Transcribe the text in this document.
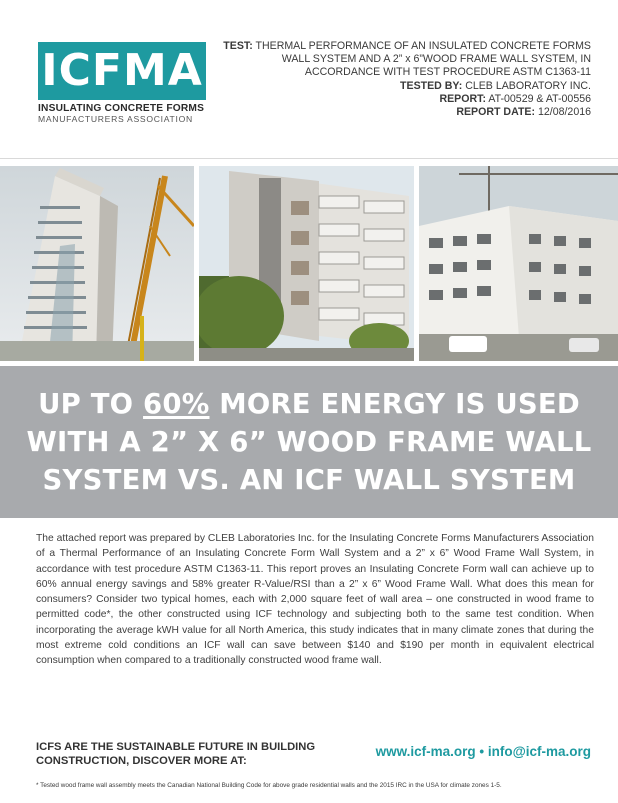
ICFMA
INSULATING CONCRETE FORMS
MANUFACTURERS ASSOCIATION
TEST: THERMAL PERFORMANCE OF AN INSULATED CONCRETE FORMS WALL SYSTEM AND A 2” x 6”WOOD FRAME WALL SYSTEM, IN ACCORDANCE WITH TEST PROCEDURE ASTM C1363-11
TESTED BY: CLEB LABORATORY INC.
REPORT: AT-00529 & AT-00556
REPORT DATE: 12/08/2016
UP TO 60% MORE ENERGY IS USED
WITH A 2” X 6” WOOD FRAME WALL
SYSTEM VS. AN ICF WALL SYSTEM

The attached report was prepared by CLEB Laboratories Inc. for the Insulating Concrete Forms Manufacturers Association of a Thermal Performance of an Insulating Concrete Form Wall System and a 2” x 6” Wood Frame Wall System, in accordance with test procedure ASTM C1363-11. This report proves an Insulating Concrete Form wall can achieve up to 60% annual energy savings and 58% greater R-Value/RSI than a 2” x 6” Wood Frame Wall. What does this mean for consumers? Consider two typical homes, each with 2,000 square feet of wall area – one constructed in wood frame to permitted code*, the other constructed using ICF technology and subjecting both to the same test condition. When incorporating the average kWH value for all North America, this study indicates that in many climate zones that during the most extreme cold conditions an ICF wall can save between $140 and $190 per month in equivalent electrical consumption when compared to a traditionally constructed wood frame wall.

ICFS ARE THE SUSTAINABLE FUTURE IN BUILDING
CONSTRUCTION, DISCOVER MORE AT:
www.icf-ma.org • info@icf-ma.org
* Tested wood frame wall assembly meets the Canadian National Building Code for above grade residential walls and the 2015 IRC in the USA for climate zones 1-5.
